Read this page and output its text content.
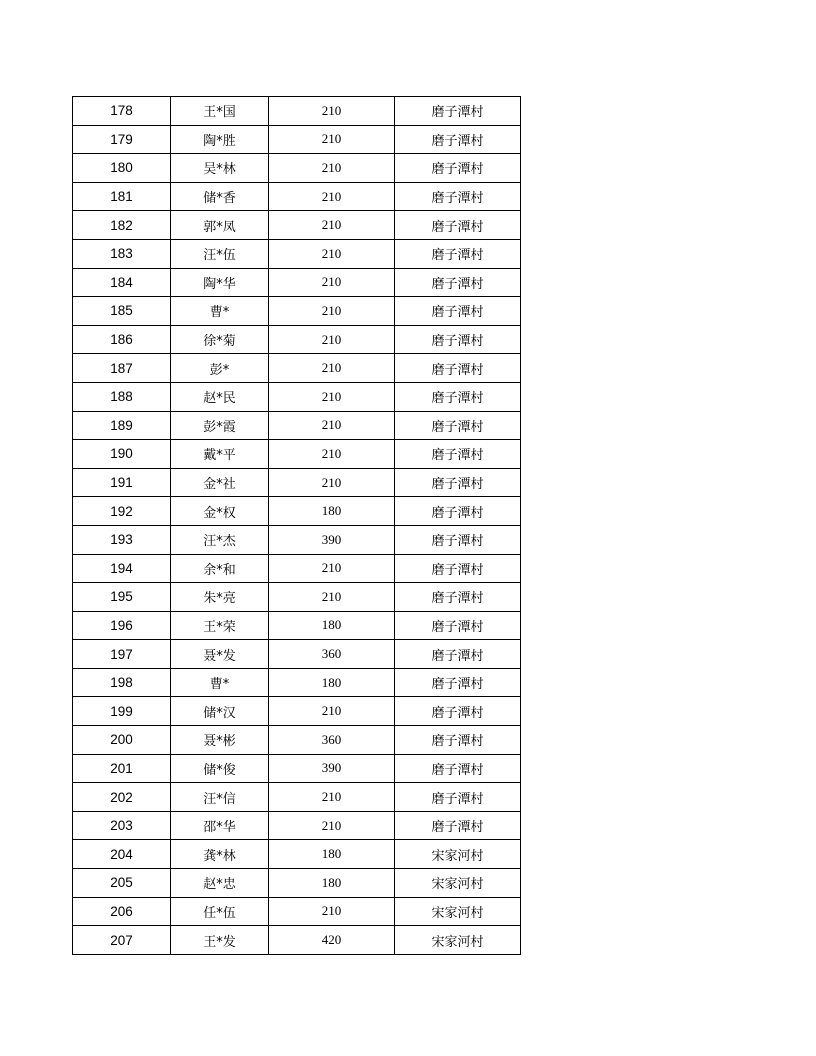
178	王*国	210	磨子潭村
179	陶*胜	210	磨子潭村
180	吴*林	210	磨子潭村
181	储*香	210	磨子潭村
182	郭*凤	210	磨子潭村
183	汪*伍	210	磨子潭村
184	陶*华	210	磨子潭村
185	曹*	210	磨子潭村
186	徐*菊	210	磨子潭村
187	彭*	210	磨子潭村
188	赵*民	210	磨子潭村
189	彭*霞	210	磨子潭村
190	戴*平	210	磨子潭村
191	金*社	210	磨子潭村
192	金*权	180	磨子潭村
193	汪*杰	390	磨子潭村
194	余*和	210	磨子潭村
195	朱*亮	210	磨子潭村
196	王*荣	180	磨子潭村
197	聂*发	360	磨子潭村
198	曹*	180	磨子潭村
199	储*汉	210	磨子潭村
200	聂*彬	360	磨子潭村
201	储*俊	390	磨子潭村
202	汪*信	210	磨子潭村
203	邵*华	210	磨子潭村
204	龚*林	180	宋家河村
205	赵*忠	180	宋家河村
206	任*伍	210	宋家河村
207	王*发	420	宋家河村
